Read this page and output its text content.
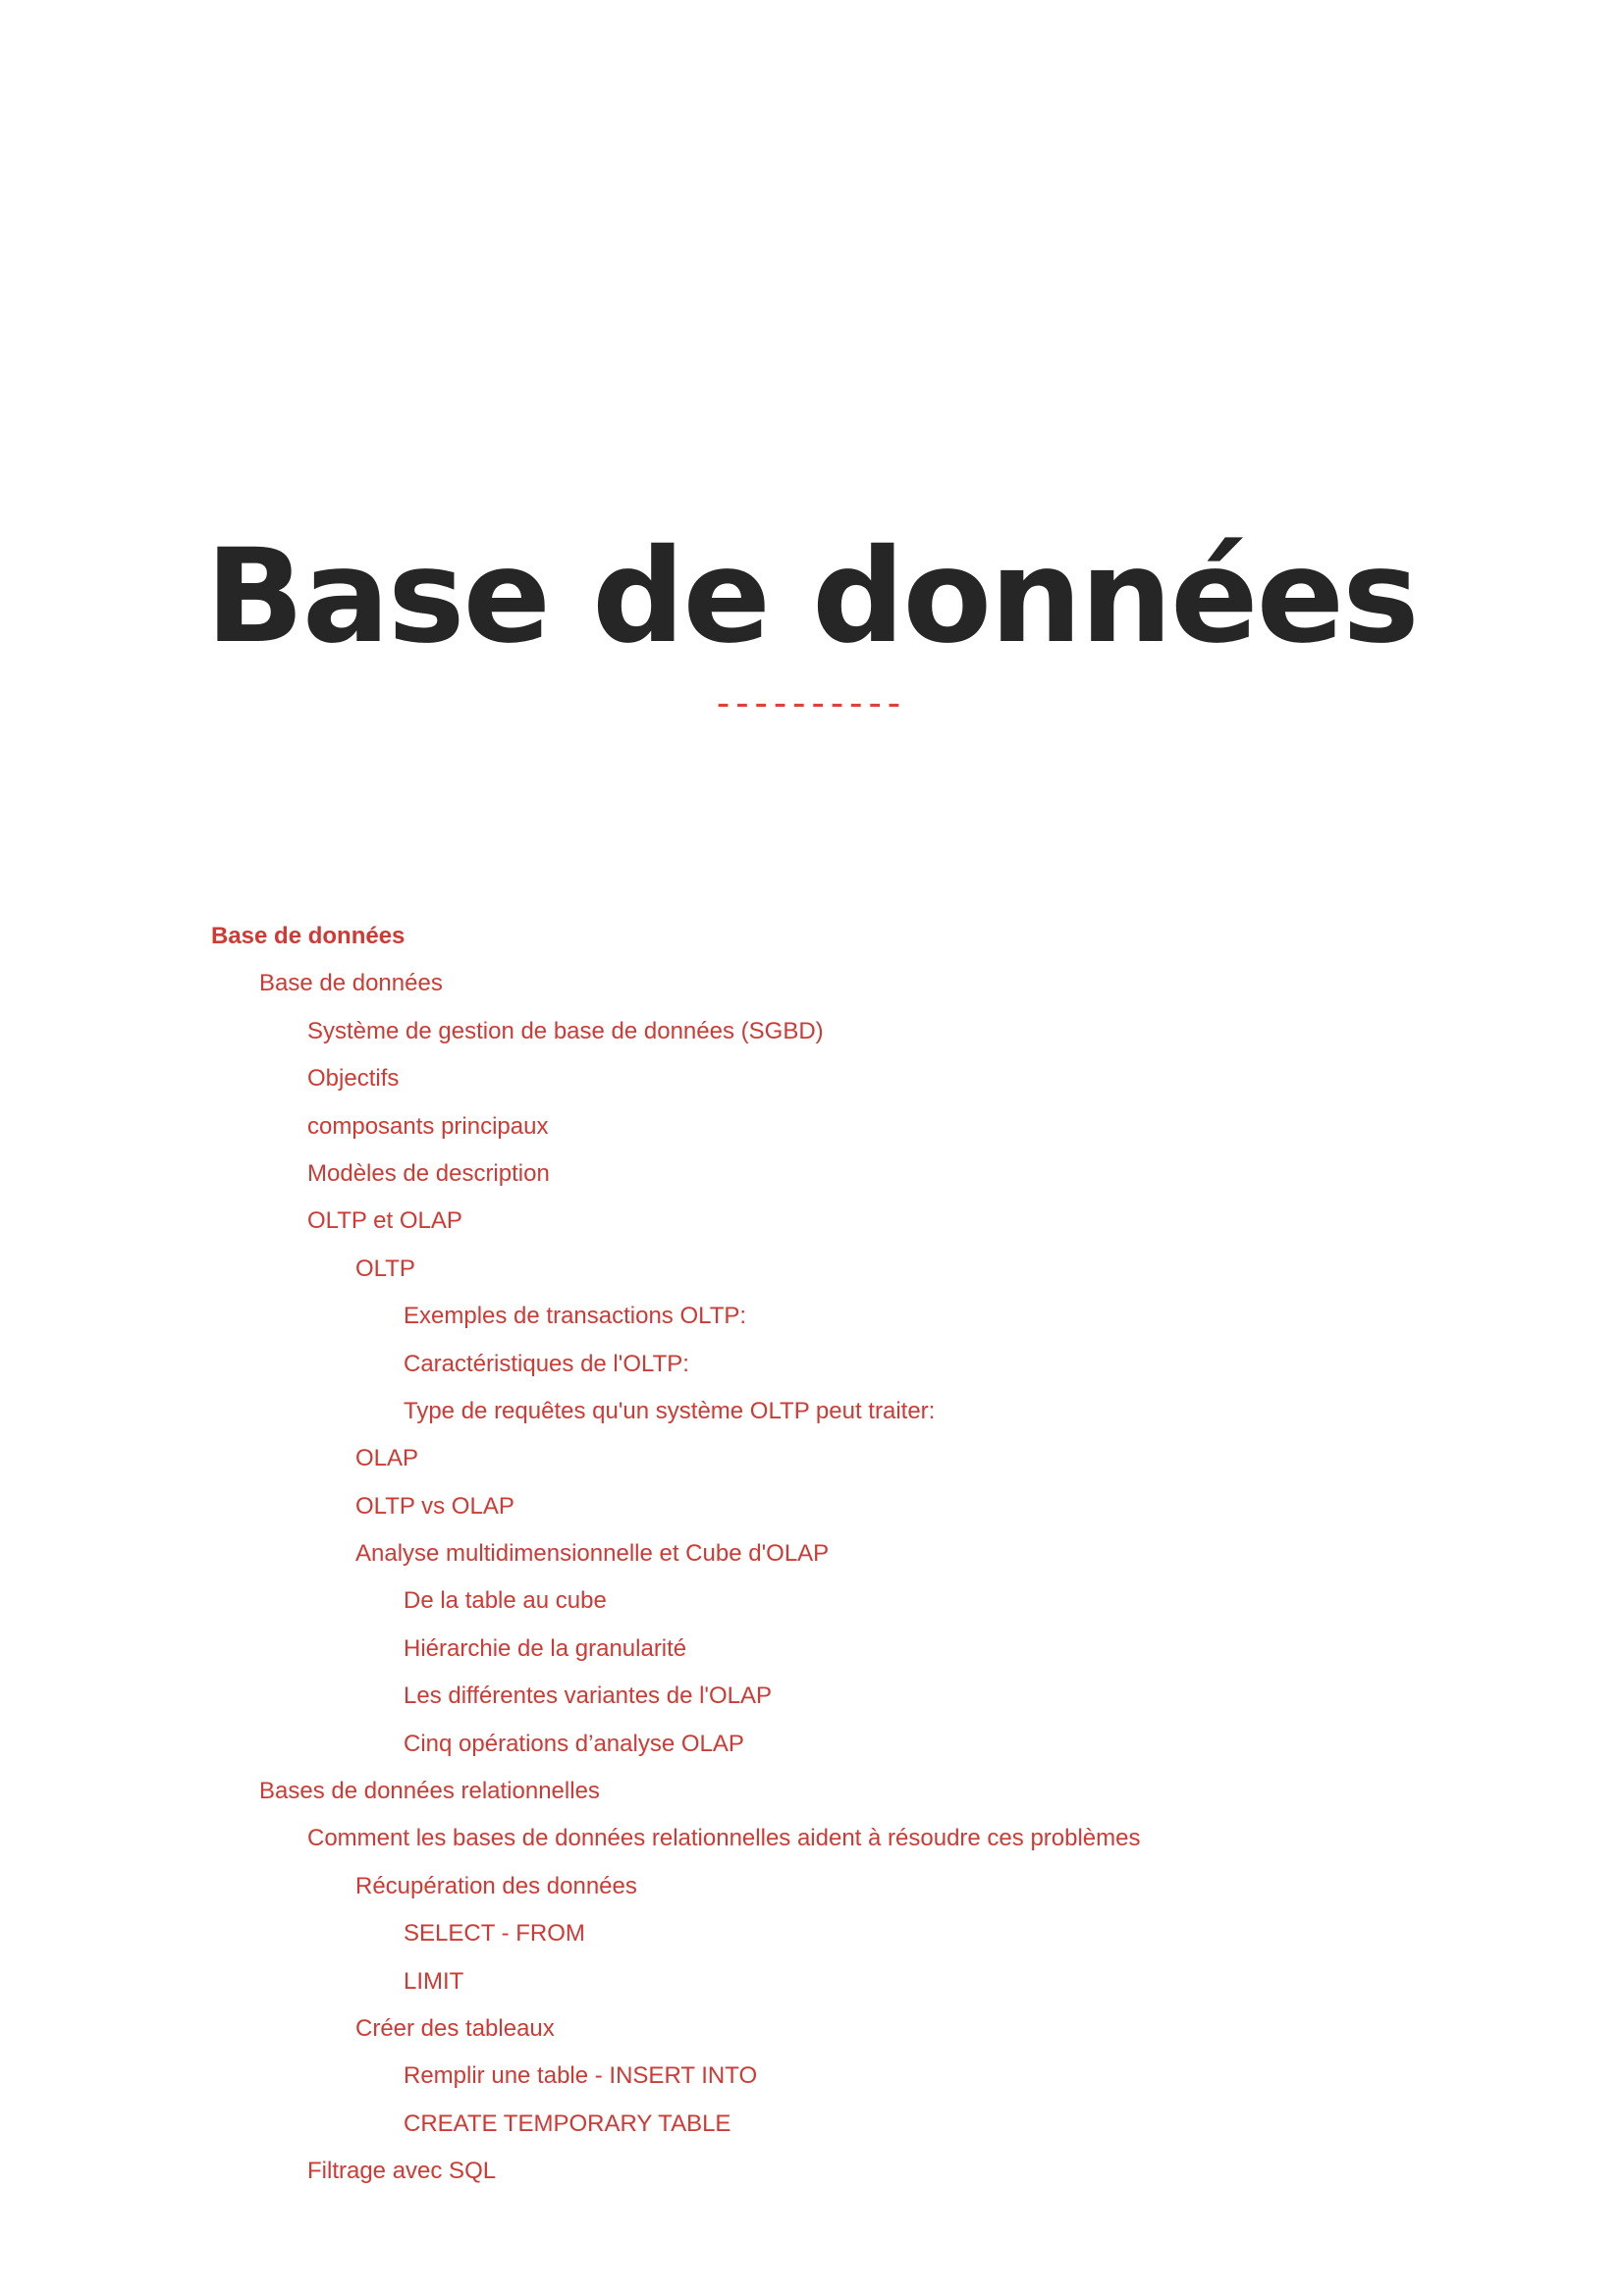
Base de données
----------
Base de données
Base de données
Système de gestion de base de données (SGBD)
Objectifs
composants principaux
Modèles de description
OLTP et OLAP
OLTP
Exemples de transactions OLTP:
Caractéristiques de l'OLTP:
Type de requêtes qu'un système OLTP peut traiter:
OLAP
OLTP vs OLAP
Analyse multidimensionnelle et Cube d'OLAP
De la table au cube
Hiérarchie de la granularité
Les différentes variantes de l'OLAP
Cinq opérations d’analyse OLAP
Bases de données relationnelles
Comment les bases de données relationnelles aident à résoudre ces problèmes
Récupération des données
SELECT - FROM
LIMIT
Créer des tableaux
Remplir une table - INSERT INTO
CREATE TEMPORARY TABLE
Filtrage avec SQL
